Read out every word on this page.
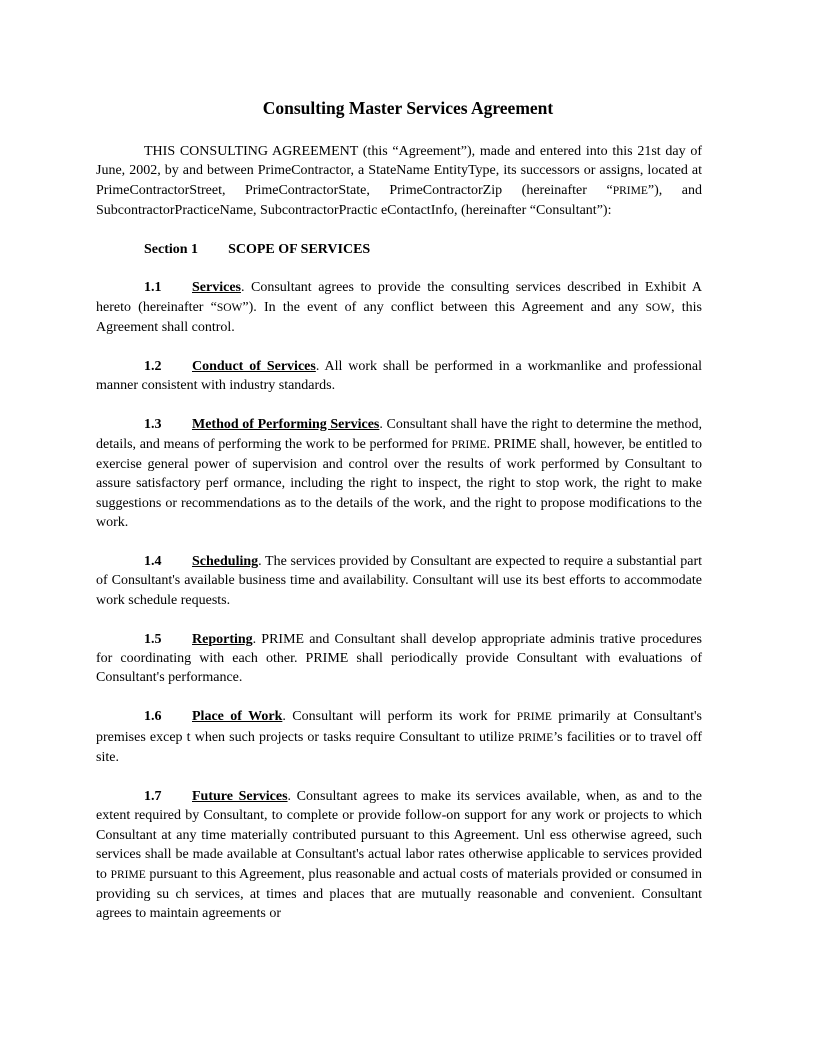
Consulting Master Services Agreement

THIS CONSULTING AGREEMENT (this “Agreement”), made and entered into this 21st day of June, 2002, by and between PrimeContractor, a StateName EntityType, its successors or assigns, located at PrimeContractorStreet, PrimeContractorState, PrimeContractorZip (hereinafter “PRIME”), and SubcontractorPracticeName, SubcontractorPractic eContactInfo, (hereinafter “Consultant”):

Section 1 SCOPE OF SERVICES

1.1 Services. Consultant agrees to provide the consulting services described in Exhibit A hereto (hereinafter “SOW”). In the event of any conflict between this Agreement and any SOW, this Agreement shall control.

1.2 Conduct of Services. All work shall be performed in a workmanlike and professional manner consistent with industry standards.

1.3 Method of Performing Services. Consultant shall have the right to determine the method, details, and means of performing the work to be performed for PRIME. PRIME shall, however, be entitled to exercise general power of supervision and control over the results of work performed by Consultant to assure satisfactory perf ormance, including the right to inspect, the right to stop work, the right to make suggestions or recommendations as to the details of the work, and the right to propose modifications to the work.

1.4 Scheduling. The services provided by Consultant are expected to require a substantial part of Consultant's available business time and availability. Consultant will use its best efforts to accommodate work schedule requests.

1.5 Reporting. PRIME and Consultant shall develop appropriate adminis trative procedures for coordinating with each other. PRIME shall periodically provide Consultant with evaluations of Consultant's performance.

1.6 Place of Work. Consultant will perform its work for PRIME primarily at Consultant's premises excep t when such projects or tasks require Consultant to utilize PRIME’s facilities or to travel off site.

1.7 Future Services. Consultant agrees to make its services available, when, as and to the extent required by Consultant, to complete or provide follow-on support for any work or projects to which Consultant at any time materially contributed pursuant to this Agreement. Unl ess otherwise agreed, such services shall be made available at Consultant's actual labor rates otherwise applicable to services provided to PRIME pursuant to this Agreement, plus reasonable and actual costs of materials provided or consumed in providing su ch services, at times and places that are mutually reasonable and convenient. Consultant agrees to maintain agreements or
